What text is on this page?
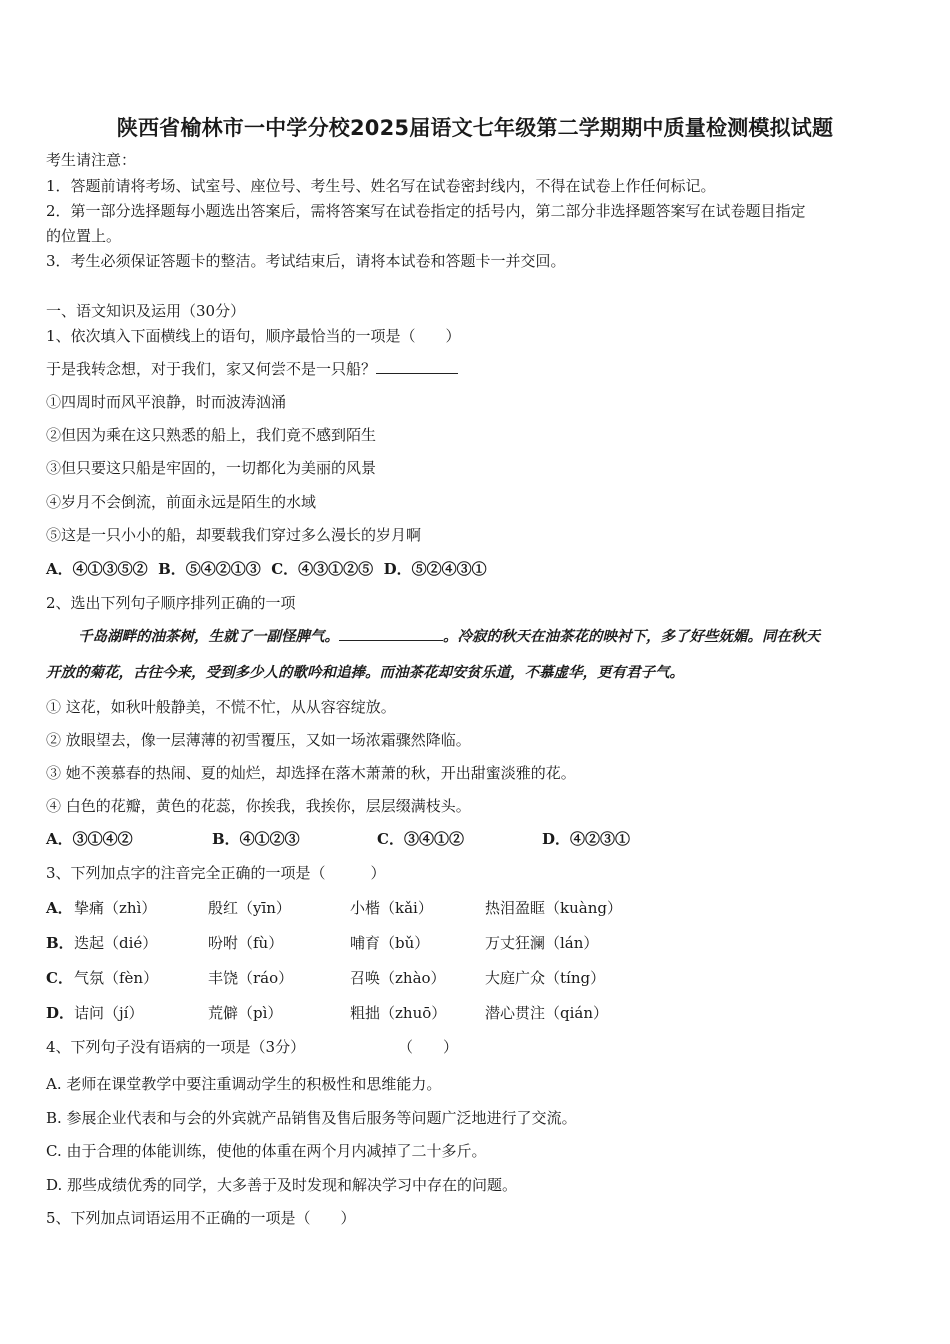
陕西省榆林市一中学分校2025届语文七年级第二学期期中质量检测模拟试题
考生请注意：
1．答题前请将考场、试室号、座位号、考生号、姓名写在试卷密封线内，不得在试卷上作任何标记。
2．第一部分选择题每小题选出答案后，需将答案写在试卷指定的括号内，第二部分非选择题答案写在试卷题目指定
的位置上。
3．考生必须保证答题卡的整洁。考试结束后，请将本试卷和答题卡一并交回。
一、语文知识及运用（30分）
1、依次填入下面横线上的语句，顺序最恰当的一项是（　　）
于是我转念想，对于我们，家又何尝不是一只船？
①四周时而风平浪静，时而波涛汹涌
②但因为乘在这只熟悉的船上，我们竟不感到陌生
③但只要这只船是牢固的，一切都化为美丽的风景
④岁月不会倒流，前面永远是陌生的水域
⑤这是一只小小的船，却要载我们穿过多么漫长的岁月啊
A．④①③⑤② B．⑤④②①③ C．④③①②⑤ D．⑤②④③①
2、选出下列句子顺序排列正确的一项
千岛湖畔的油茶树，生就了一副怪脾气。	。冷寂的秋天在油茶花的映衬下，多了好些妩媚。同在秋天
开放的菊花，古往今来，受到多少人的歌吟和追捧。而油茶花却安贫乐道，不慕虚华，更有君子气。
① 这花，如秋叶般静美，不慌不忙，从从容容绽放。
② 放眼望去，像一层薄薄的初雪覆压，又如一场浓霜骤然降临。
③ 她不羡慕春的热闹、夏的灿烂，却选择在落木萧萧的秋，开出甜蜜淡雅的花。
④ 白色的花瓣，黄色的花蕊，你挨我，我挨你，层层缀满枝头。
A．③①④②	B．④①②③	C．③④①②	D．④②③①
3、下列加点字的注音完全正确的一项是（　　　）
A． 挚痛（zhì）	殷红（yīn）	小楷（kǎi）	热泪盈眶（kuàng）
B． 迭起（dié）	吩咐（fù）	哺育（bǔ）	万丈狂澜（lán）
C． 气氛（fèn）	丰饶（ráo）	召唤（zhào）	大庭广众（tíng）
D． 诘问（jí）	荒僻（pì）	粗拙（zhuō）	潜心贯注（qián）
4、下列句子没有语病的一项是（3分）	（　　）
A. 老师在课堂教学中要注重调动学生的积极性和思维能力。
B. 参展企业代表和与会的外宾就产品销售及售后服务等问题广泛地进行了交流。
C. 由于合理的体能训练，使他的体重在两个月内减掉了二十多斤。
D. 那些成绩优秀的同学，大多善于及时发现和解决学习中存在的问题。
5、下列加点词语运用不正确的一项是（　　）
